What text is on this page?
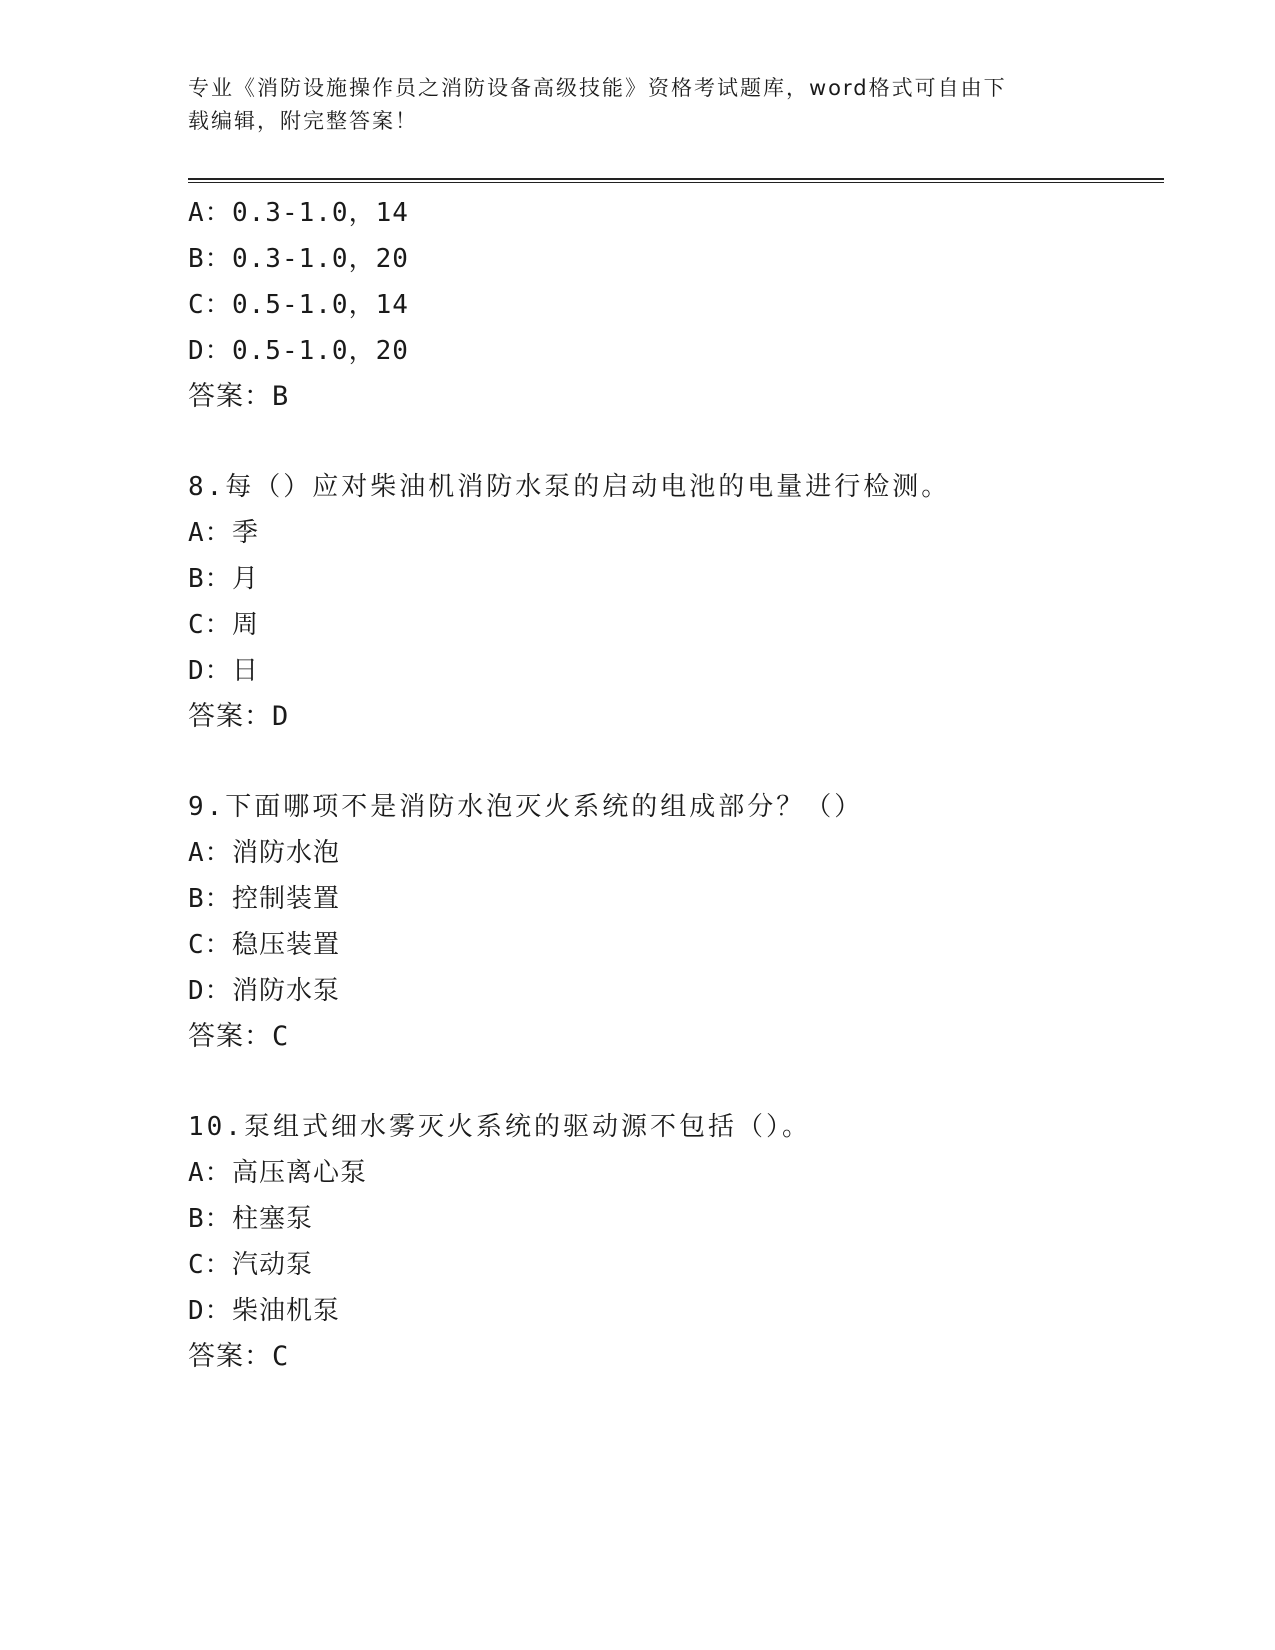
专业《消防设施操作员之消防设备高级技能》资格考试题库，word格式可自由下
载编辑，附完整答案！
A：0.3-1.0，14
B：0.3-1.0，20
C：0.5-1.0，14
D：0.5-1.0，20
答案：B
8.每（）应对柴油机消防水泵的启动电池的电量进行检测。
A：季
B：月
C：周
D：日
答案：D
9.下面哪项不是消防水泡灭火系统的组成部分？（）
A：消防水泡
B：控制装置
C：稳压装置
D：消防水泵
答案：C
10.泵组式细水雾灭火系统的驱动源不包括（）。
A：高压离心泵
B：柱塞泵
C：汽动泵
D：柴油机泵
答案：C
